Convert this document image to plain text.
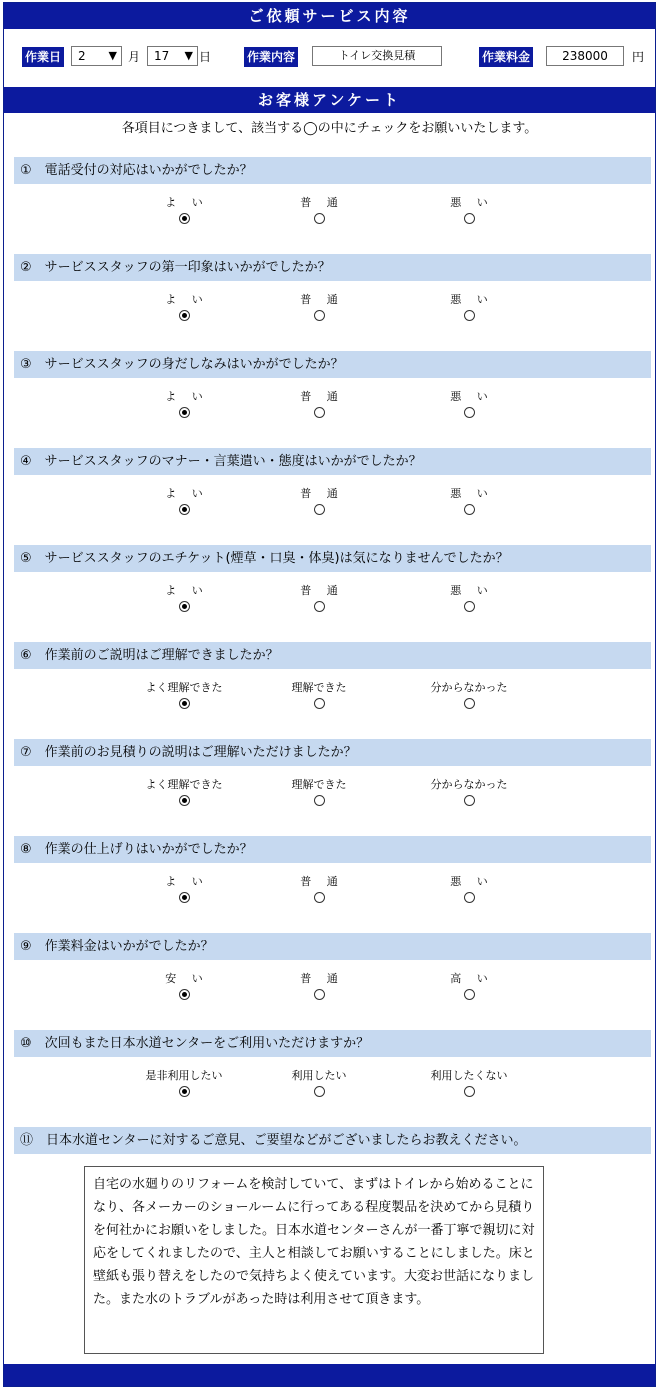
ご依頼サービス内容
作業日	2 ▼ 月	17 ▼ 日	作業内容	トイレ交換見積	作業料金	238000	円
お客様アンケート
各項目につきまして、該当する◯の中にチェックをお願いいたします。
①　電話受付の対応はいかがでしたか？
よ い	普 通	悪 い
②　サービススタッフの第一印象はいかがでしたか？
よ い	普 通	悪 い
③　サービススタッフの身だしなみはいかがでしたか？
よ い	普 通	悪 い
④　サービススタッフのマナー・言葉遣い・態度はいかがでしたか？
よ い	普 通	悪 い
⑤　サービススタッフのエチケット(煙草・口臭・体臭)は気になりませんでしたか？
よ い	普 通	悪 い
⑥　作業前のご説明はご理解できましたか？
よく理解できた	理解できた	分からなかった
⑦　作業前のお見積りの説明はご理解いただけましたか？
よく理解できた	理解できた	分からなかった
⑧　作業の仕上げりはいかがでしたか？
よ い	普 通	悪 い
⑨　作業料金はいかがでしたか？
安 い	普 通	高 い
⑩　次回もまた日本水道センターをご利用いただけますか？
是非利用したい	利用したい	利用したくない
⑪　日本水道センターに対するご意見、ご要望などがございましたらお教えください。
自宅の水廻りのリフォームを検討していて、まずはトイレから始めることになり、各メーカーのショールームに行ってある程度製品を決めてから見積りを何社かにお願いをしました。日本水道センターさんが一番丁寧で親切に対応をしてくれましたので、主人と相談してお願いすることにしました。床と壁紙も張り替えをしたので気持ちよく使えています。大変お世話になりました。また水のトラブルがあった時は利用させて頂きます。
